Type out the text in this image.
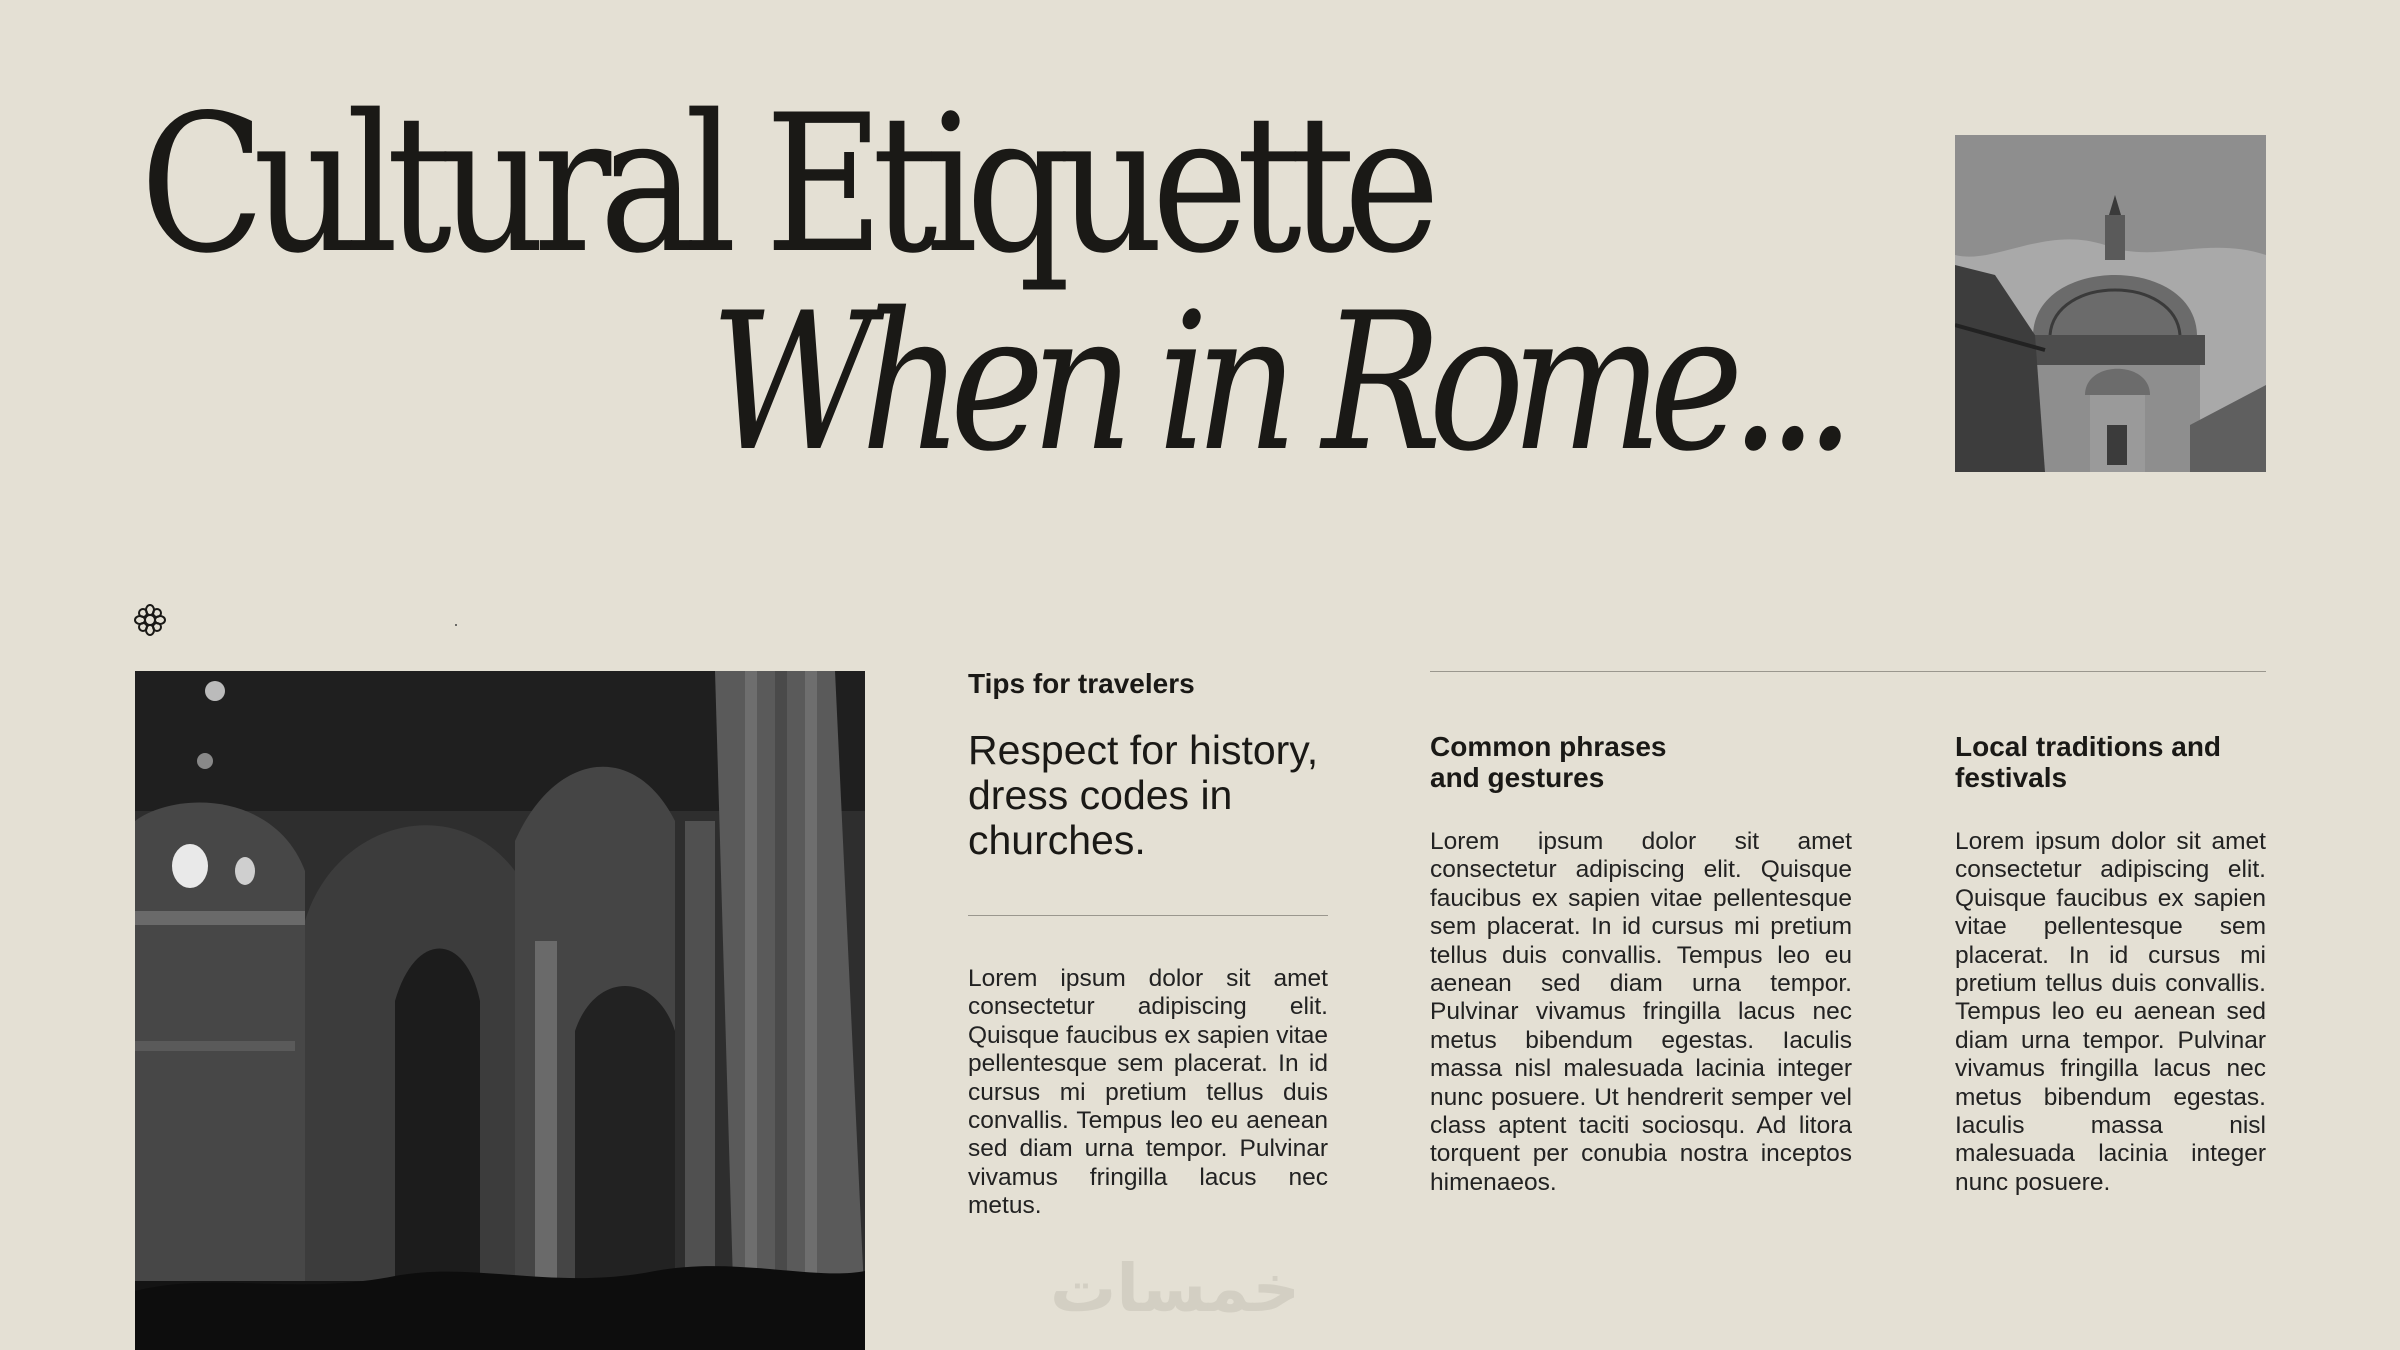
Cultural Etiquette
When in Rome...

Tips for travelers

Respect for history, dress codes in churches.

Lorem ipsum dolor sit amet consectetur adipiscing elit. Quisque faucibus ex sapien vitae pellentesque sem placerat. In id cursus mi pretium tellus duis convallis. Tempus leo eu aenean sed diam urna tempor. Pulvinar vivamus fringilla lacus nec metus.

Common phrases and gestures

Lorem ipsum dolor sit amet consectetur adipiscing elit. Quisque faucibus ex sapien vitae pellentesque sem placerat. In id cursus mi pretium tellus duis convallis. Tempus leo eu aenean sed diam urna tempor. Pulvinar vivamus fringilla lacus nec metus bibendum egestas. Iaculis massa nisl malesuada lacinia integer nunc posuere. Ut hendrerit semper vel class aptent taciti sociosqu. Ad litora torquent per conubia nostra inceptos himenaeos.

Local traditions and festivals

Lorem ipsum dolor sit amet consectetur adipiscing elit. Quisque faucibus ex sapien vitae pellentesque sem placerat. In id cursus mi pretium tellus duis convallis. Tempus leo eu aenean sed diam urna tempor. Pulvinar vivamus fringilla lacus nec metus bibendum egestas. Iaculis massa nisl malesuada lacinia integer nunc posuere.

خمسات
